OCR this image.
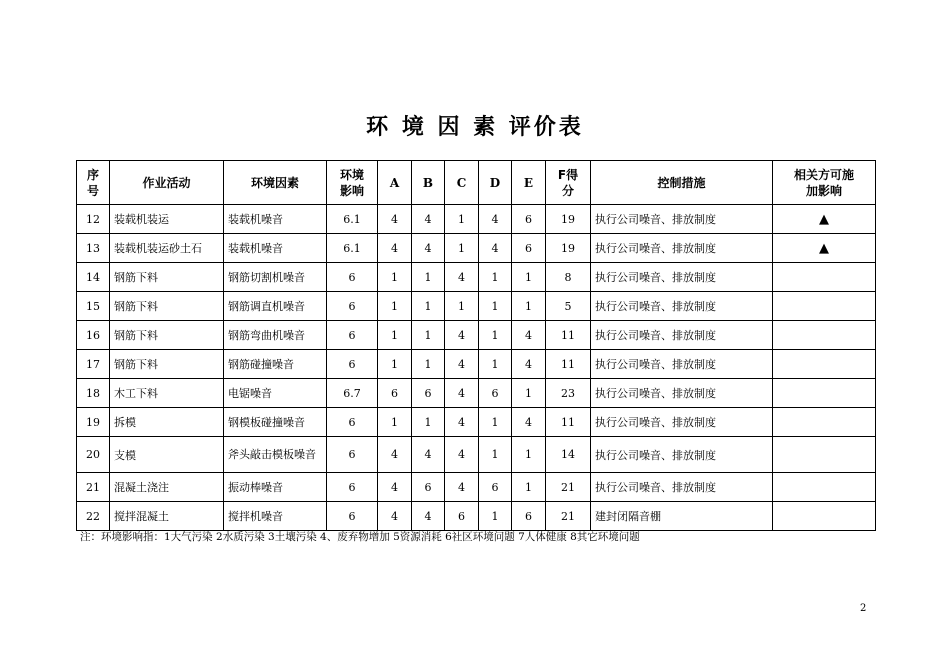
环 境 因 素 评价表
序号	作业活动	环境因素	环境影响	A	B	C	D	E	F得分	控制措施	相关方可施加影响

12	装载机装运	装载机噪音	6.1	4	4	1	4	6	19	执行公司噪音、排放制度	▲
13	装载机装运砂土石	装载机噪音	6.1	4	4	1	4	6	19	执行公司噪音、排放制度	▲
14	钢筋下料	钢筋切割机噪音	6	1	1	4	1	1	8	执行公司噪音、排放制度	
15	钢筋下料	钢筋调直机噪音	6	1	1	1	1	1	5	执行公司噪音、排放制度	
16	钢筋下料	钢筋弯曲机噪音	6	1	1	4	1	4	11	执行公司噪音、排放制度	
17	钢筋下料	钢筋碰撞噪音	6	1	1	4	1	4	11	执行公司噪音、排放制度	
18	木工下料	电锯噪音	6.7	6	6	4	6	1	23	执行公司噪音、排放制度	
19	拆模	钢模板碰撞噪音	6	1	1	4	1	4	11	执行公司噪音、排放制度	
20	支模	斧头敲击模板噪音	6	4	4	4	1	1	14	执行公司噪音、排放制度	
21	混凝土浇注	振动棒噪音	6	4	6	4	6	1	21	执行公司噪音、排放制度	
22	搅拌混凝土	搅拌机噪音	6	4	4	6	1	6	21	建封闭隔音棚	
注：环境影响指：1大气污染 2水质污染 3土壤污染 4、废弃物增加 5资源消耗 6社区环境问题 7人体健康 8其它环境问题
2
